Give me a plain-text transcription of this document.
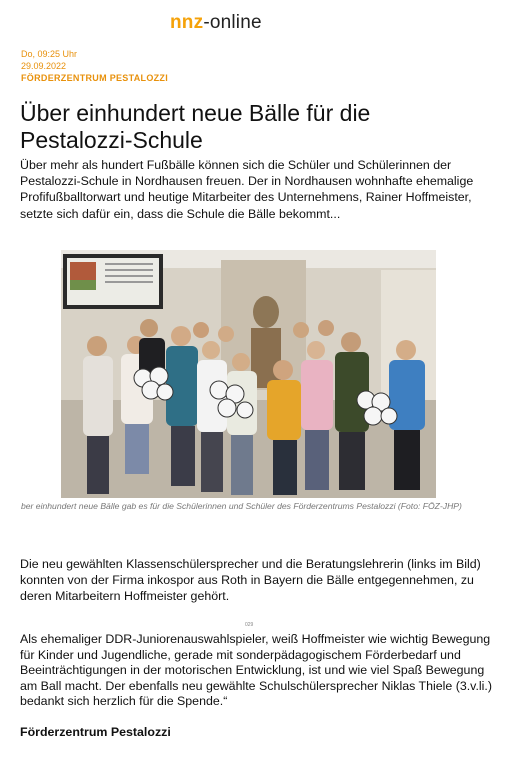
nnz-online
Do, 09:25 Uhr
29.09.2022
FÖRDERZENTRUM PESTALOZZI
Über einhundert neue Bälle für die Pestalozzi-Schule

Über mehr als hundert Fußbälle können sich die Schüler und Schülerinnen der Pestalozzi-Schule in Nordhausen freuen. Der in Nordhausen wohnhafte ehemalige Profifußballtorwart und heutige Mitarbeiter des Unternehmens, Rainer Hoffmeister, setzte sich dafür ein, dass die Schule die Bälle bekommt...

ber einhundert neue Bälle gab es für die Schülerinnen und Schüler des Förderzentrums Pestalozzi (Foto: FÖZ-JHP)

Die neu gewählten Klassenschülersprecher und die Beratungslehrerin (links im Bild) konnten von der Firma inkospor aus Roth in Bayern die Bälle entgegennehmen, zu deren Mitarbeitern Hoffmeister gehört.

029

Als ehemaliger DDR-Juniorenauswahlspieler, weiß Hoffmeister wie wichtig Bewegung für Kinder und Jugendliche, gerade mit sonderpädagogischem Förderbedarf und Beeinträchtigungen in der motorischen Entwicklung, ist und wie viel Spaß Bewegung am Ball macht. Der ebenfalls neu gewählte Schulschülersprecher Niklas Thiele (3.v.li.) bedankt sich herzlich für die Spende.“

Förderzentrum Pestalozzi
